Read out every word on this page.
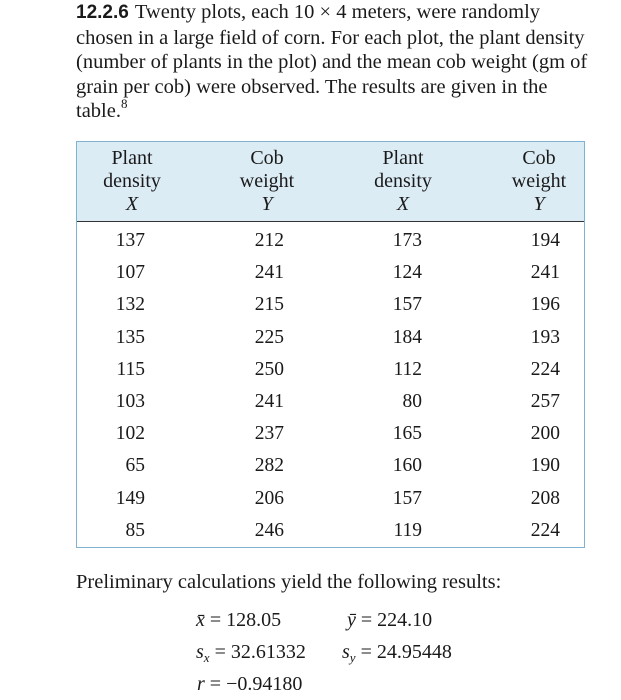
12.2.6 Twenty plots, each 10 × 4 meters, were randomly chosen in a large field of corn. For each plot, the plant density (number of plants in the plot) and the mean cob weight (gm of grain per cob) were observed. The results are given in the table.$^8$
Plant
density
X
Cob
weight
Y
Plant
density
X
Cob
weight
Y
137
107
132
135
115
103
102
65
149
85
212
241
215
225
250
241
237
282
206
246
173
124
157
184
112
80
165
160
157
119
194
241
196
193
224
257
200
190
208
224
Preliminary calculations yield the following results:
x̄ = 128.05	ȳ = 224.10
$s_x = 32.61332$ $s_y = 24.95448$
r = −0.94180
